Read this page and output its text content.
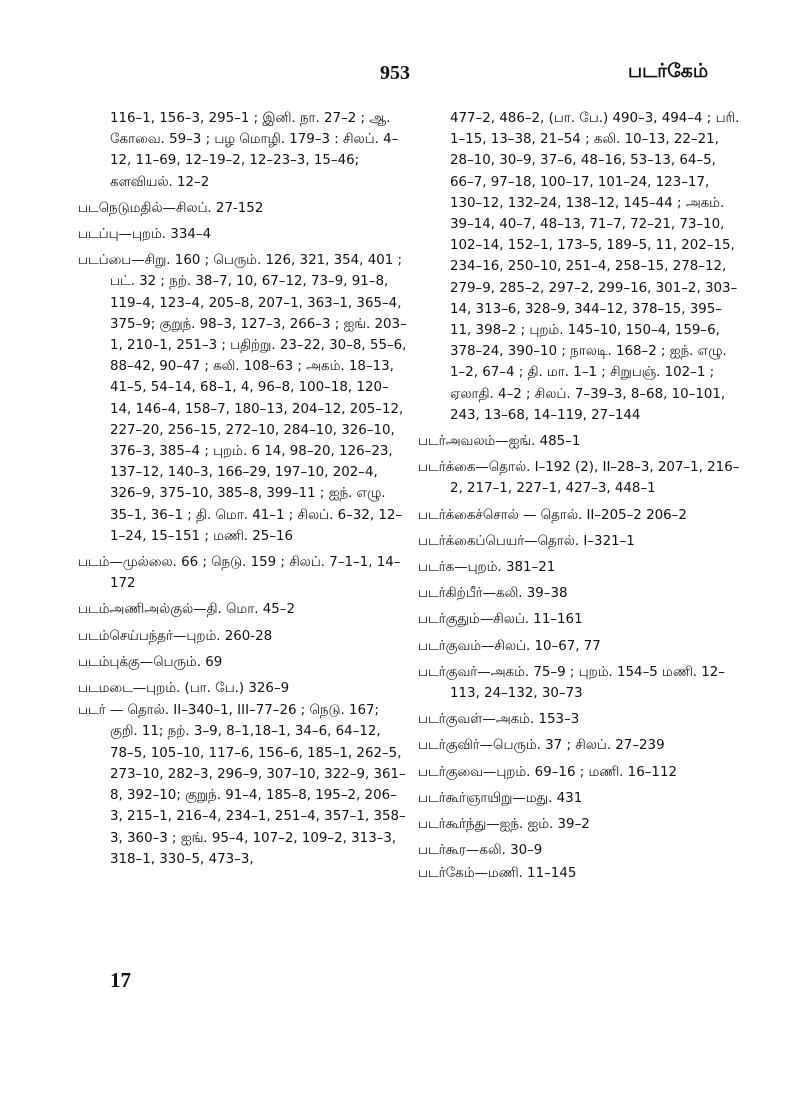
953	படர்கேம்
116–1, 156–3, 295–1 ; இனி. நா. 27–2 ; ஆ. கோவை. 59–3 ; பழ மொழி. 179–3 : சிலப். 4–12, 11–69, 12–19–2, 12–23–3, 15–46; களவியல். 12–2
படநெடுமதில்—சிலப். 27-152
படப்பு—புறம். 334–4
படப்பை—சிறு. 160 ; பெரும். 126, 321, 354, 401 ; பட். 32 ; நற். 38–7, 10, 67–12, 73–9, 91–8, 119–4, 123–4, 205–8, 207–1, 363–1, 365–4, 375–9; குறுந். 98–3, 127–3, 266–3 ; ஐங். 203–1, 210–1, 251–3 ; பதிற்று. 23–22, 30–8, 55–6, 88–42, 90–47 ; கலி. 108–63 ; அகம். 18–13, 41–5, 54–14, 68–1, 4, 96–8, 100–18, 120–14, 146–4, 158–7, 180–13, 204–12, 205–12, 227–20, 256–15, 272–10, 284–10, 326–10, 376–3, 385–4 ; புறம். 6 14, 98–20, 126–23, 137–12, 140–3, 166–29, 197–10, 202–4, 326–9, 375–10, 385–8, 399–11 ; ஐந். எழு. 35–1, 36–1 ; தி. மொ. 41–1 ; சிலப். 6–32, 12–1–24, 15–151 ; மணி. 25–16
படம்—முல்லை. 66 ; நெடு. 159 ; சிலப். 7–1–1, 14–172
படம்அணிஅல்குல்—தி. மொ. 45–2
படம்செய்பந்தர்—புறம். 260-28
படம்புக்கு—பெரும். 69
படமடை—புறம். (பா. பே.) 326–9
படர் — தொல். II–340–1, III–77–26 ; நெடு. 167; குறி. 11; நற். 3–9, 8–1,18–1, 34–6, 64–12, 78–5, 105–10, 117–6, 156–6, 185–1, 262–5, 273–10, 282–3, 296–9, 307–10, 322–9, 361–8, 392–10; குறுந். 91–4, 185–8, 195–2, 206–3, 215–1, 216–4, 234–1, 251–4, 357–1, 358–3, 360–3 ; ஐங். 95–4, 107–2, 109–2, 313–3, 318–1, 330–5, 473–3,
477–2, 486–2, (பா. பே.) 490–3, 494–4 ; பரி. 1–15, 13–38, 21–54 ; கலி. 10–13, 22–21, 28–10, 30–9, 37–6, 48–16, 53–13, 64–5, 66–7, 97–18, 100–17, 101–24, 123–17, 130–12, 132–24, 138–12, 145–44 ; அகம். 39–14, 40–7, 48–13, 71–7, 72–21, 73–10, 102–14, 152–1, 173–5, 189–5, 11, 202–15, 234–16, 250–10, 251–4, 258–15, 278–12, 279–9, 285–2, 297–2, 299–16, 301–2, 303–14, 313–6, 328–9, 344–12, 378–15, 395–11, 398–2 ; புறம். 145–10, 150–4, 159–6, 378–24, 390–10 ; நாலடி. 168–2 ; ஐந். எழு. 1–2, 67–4 ; தி. மா. 1–1 ; சிறுபஞ். 102–1 ; ஏலாதி. 4–2 ; சிலப். 7–39–3, 8–68, 10–101, 243, 13–68, 14–119, 27–144
படர்அவலம்—ஐங். 485–1
படர்க்கை—தொல். I–192 (2), II–28–3, 207–1, 216–2, 217–1, 227–1, 427–3, 448–1
படர்க்கைச்சொல் — தொல். II–205–2 206–2
படர்க்கைப்பெயர்—தொல். I–321–1
படர்க—புறம். 381–21
படர்கிற்பீர்—கலி. 39–38
படர்குதும்—சிலப். 11–161
படர்குவம்—சிலப். 10–67, 77
படர்குவர்—அகம். 75–9 ; புறம். 154–5 மணி. 12–113, 24–132, 30–73
படர்குவள்—அகம். 153–3
படர்குவிர்—பெரும். 37 ; சிலப். 27–239
படர்குவை—புறம். 69–16 ; மணி. 16–112
படர்கூர்ஞாயிறு—மது. 431
படர்கூர்ந்து—ஐந். ஐம். 39–2
படர்கூர—கலி. 30–9
படர்கேம்—மணி. 11–145
17
